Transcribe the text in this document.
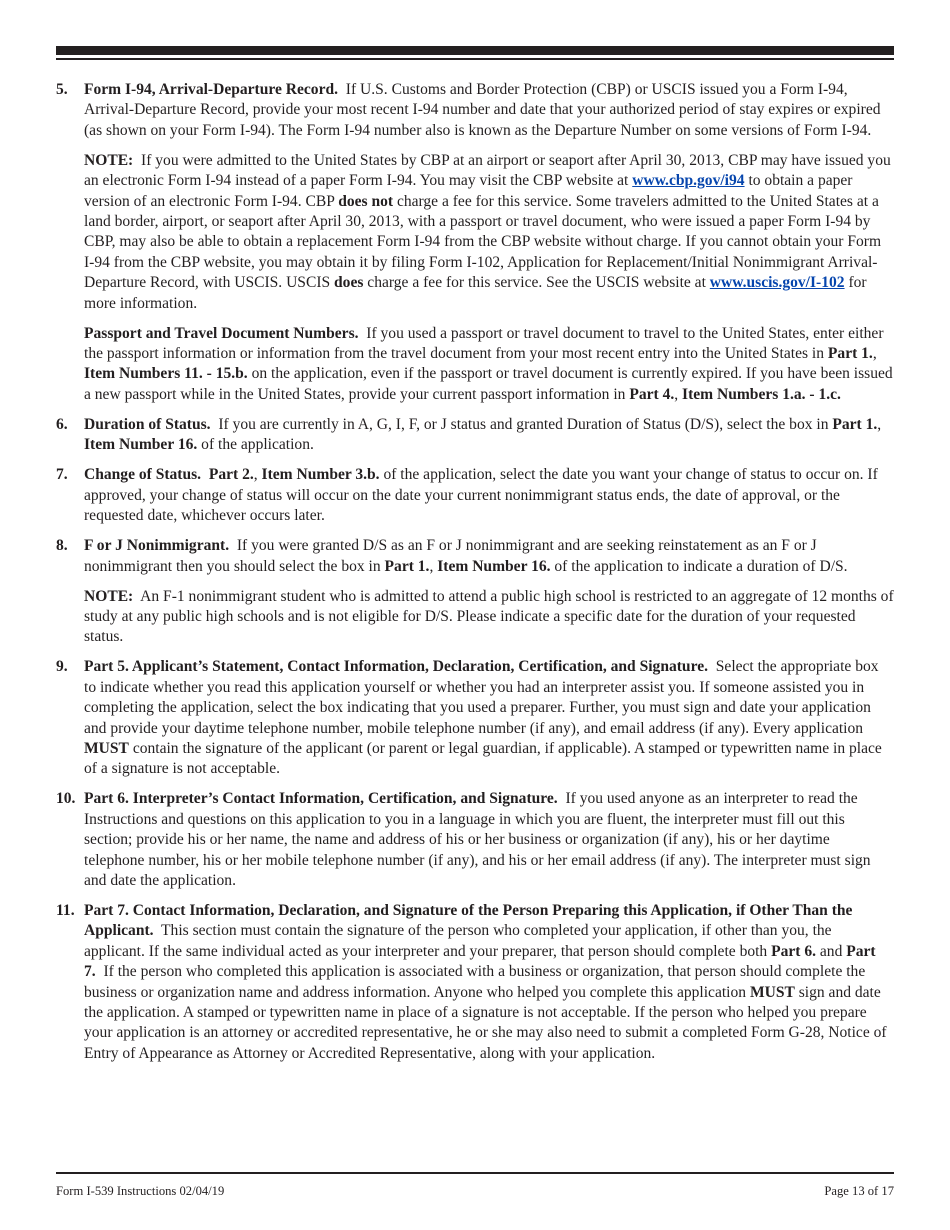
5. Form I-94, Arrival-Departure Record. If U.S. Customs and Border Protection (CBP) or USCIS issued you a Form I-94, Arrival-Departure Record, provide your most recent I-94 number and date that your authorized period of stay expires or expired (as shown on your Form I-94). The Form I-94 number also is known as the Departure Number on some versions of Form I-94.

NOTE: If you were admitted to the United States by CBP at an airport or seaport after April 30, 2013, CBP may have issued you an electronic Form I-94 instead of a paper Form I-94. You may visit the CBP website at www.cbp.gov/i94 to obtain a paper version of an electronic Form I-94. CBP does not charge a fee for this service. Some travelers admitted to the United States at a land border, airport, or seaport after April 30, 2013, with a passport or travel document, who were issued a paper Form I-94 by CBP, may also be able to obtain a replacement Form I-94 from the CBP website without charge. If you cannot obtain your Form I-94 from the CBP website, you may obtain it by filing Form I-102, Application for Replacement/Initial Nonimmigrant Arrival-Departure Record, with USCIS. USCIS does charge a fee for this service. See the USCIS website at www.uscis.gov/I-102 for more information.
Passport and Travel Document Numbers. If you used a passport or travel document to travel to the United States, enter either the passport information or information from the travel document from your most recent entry into the United States in Part 1., Item Numbers 11. - 15.b. on the application, even if the passport or travel document is currently expired. If you have been issued a new passport while in the United States, provide your current passport information in Part 4., Item Numbers 1.a. - 1.c.
6. Duration of Status. If you are currently in A, G, I, F, or J status and granted Duration of Status (D/S), select the box in Part 1., Item Number 16. of the application.

7. Change of Status. Part 2., Item Number 3.b. of the application, select the date you want your change of status to occur on. If approved, your change of status will occur on the date your current nonimmigrant status ends, the date of approval, or the requested date, whichever occurs later.

8. F or J Nonimmigrant. If you were granted D/S as an F or J nonimmigrant and are seeking reinstatement as an F or J nonimmigrant then you should select the box in Part 1., Item Number 16. of the application to indicate a duration of D/S.

NOTE: An F-1 nonimmigrant student who is admitted to attend a public high school is restricted to an aggregate of 12 months of study at any public high schools and is not eligible for D/S. Please indicate a specific date for the duration of your requested status.
9. Part 5. Applicant’s Statement, Contact Information, Declaration, Certification, and Signature. Select the appropriate box to indicate whether you read this application yourself or whether you had an interpreter assist you. If someone assisted you in completing the application, select the box indicating that you used a preparer. Further, you must sign and date your application and provide your daytime telephone number, mobile telephone number (if any), and email address (if any). Every application MUST contain the signature of the applicant (or parent or legal guardian, if applicable). A stamped or typewritten name in place of a signature is not acceptable.

10. Part 6. Interpreter’s Contact Information, Certification, and Signature. If you used anyone as an interpreter to read the Instructions and questions on this application to you in a language in which you are fluent, the interpreter must fill out this section; provide his or her name, the name and address of his or her business or organization (if any), his or her daytime telephone number, his or her mobile telephone number (if any), and his or her email address (if any). The interpreter must sign and date the application.

11. Part 7. Contact Information, Declaration, and Signature of the Person Preparing this Application, if Other Than the Applicant. This section must contain the signature of the person who completed your application, if other than you, the applicant. If the same individual acted as your interpreter and your preparer, that person should complete both Part 6. and Part 7. If the person who completed this application is associated with a business or organization, that person should complete the business or organization name and address information. Anyone who helped you complete this application MUST sign and date the application. A stamped or typewritten name in place of a signature is not acceptable. If the person who helped you prepare your application is an attorney or accredited representative, he or she may also need to submit a completed Form G-28, Notice of Entry of Appearance as Attorney or Accredited Representative, along with your application.

Form I-539 Instructions 02/04/19	Page 13 of 17
